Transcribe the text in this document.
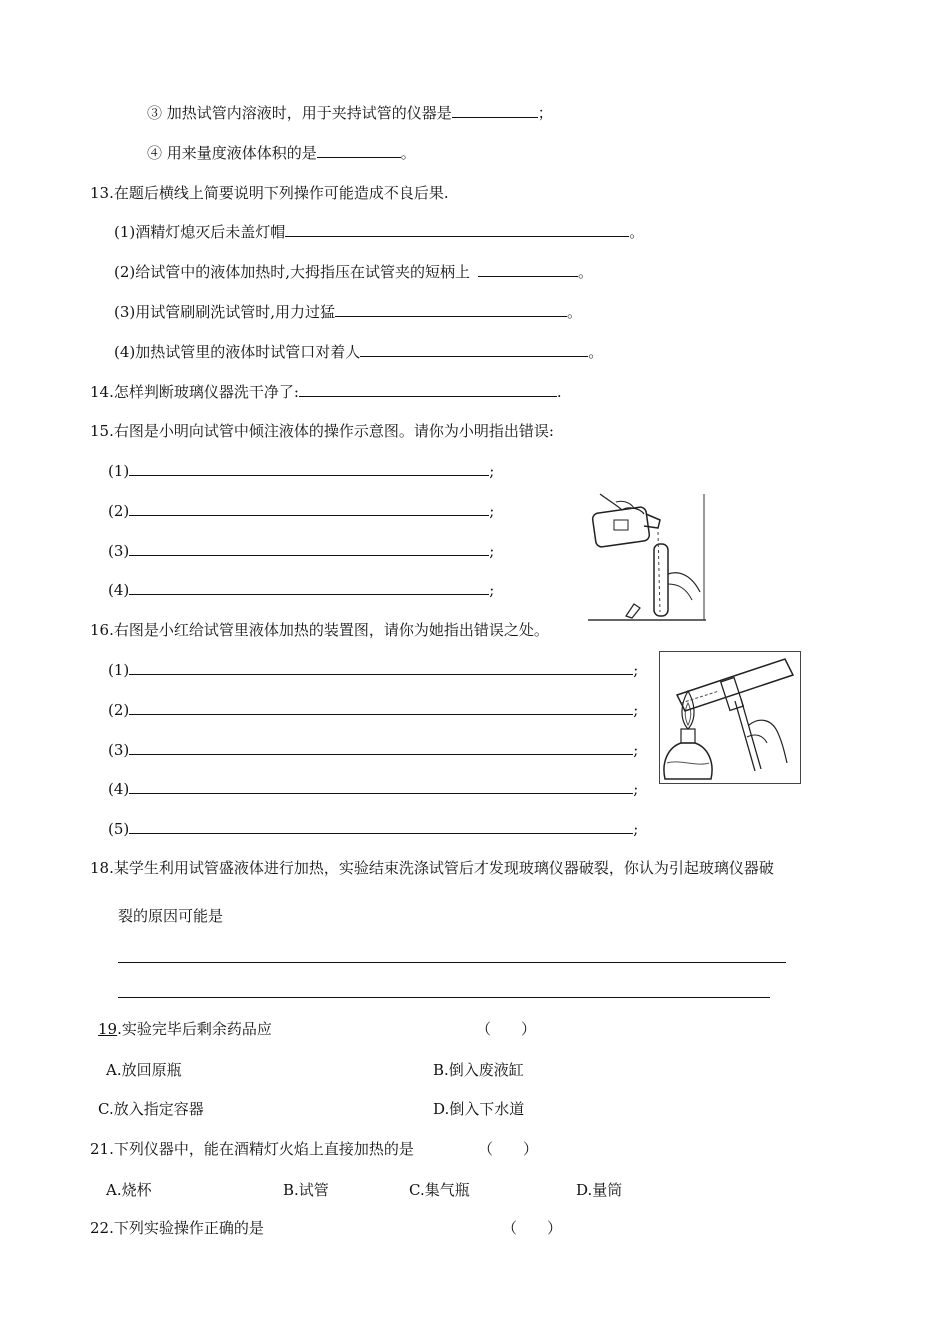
③ 加热试管内溶液时，用于夹持试管的仪器是	；
④ 用来量度液体体积的是	。
13.在题后横线上简要说明下列操作可能造成不良后果.
(1)酒精灯熄灭后未盖灯帽	。
(2)给试管中的液体加热时,大拇指压在试管夹的短柄上	。
(3)用试管刷刷洗试管时,用力过猛	。
(4)加热试管里的液体时试管口对着人	。
14.怎样判断玻璃仪器洗干净了:	.
15.右图是小明向试管中倾注液体的操作示意图。请你为小明指出错误:
(1)	;
(2)	;
(3)	;
(4)	;
16.右图是小红给试管里液体加热的装置图，请你为她指出错误之处。
(1)	;
(2)	;
(3)	;
(4)	;
(5)	;
18.某学生利用试管盛液体进行加热，实验结束洗涤试管后才发现玻璃仪器破裂，你认为引起玻璃仪器破
裂的原因可能是
19.实验完毕后剩余药品应	（　　）
A.放回原瓶	B.倒入废液缸
C.放入指定容器	D.倒入下水道
21.下列仪器中，能在酒精灯火焰上直接加热的是	（　　）
A.烧杯	B.试管	C.集气瓶	D.量筒
22.下列实验操作正确的是	（　　）
